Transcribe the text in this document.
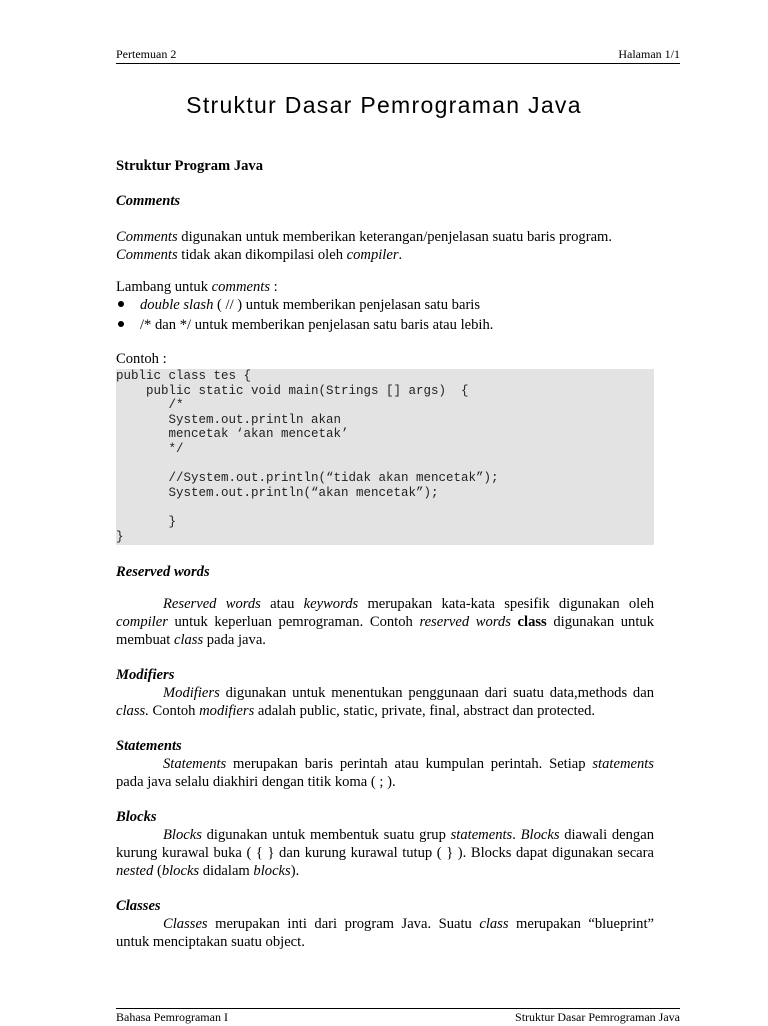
Pertemuan 2	Halaman 1/1
Struktur Dasar Pemrograman Java
Struktur Program Java
Comments
Comments digunakan untuk memberikan keterangan/penjelasan suatu baris program.
Comments tidak akan dikompilasi oleh compiler.
Lambang untuk comments :
double slash ( // ) untuk memberikan penjelasan satu baris
/* dan */ untuk memberikan penjelasan satu baris atau lebih.
Contoh :
public class tes {
public static void main(Strings [] args)  {
/*
System.out.println akan
mencetak ‘akan mencetak’
*/

//System.out.println(“tidak akan mencetak”);
System.out.println(“akan mencetak”);

}
}
Reserved words
Reserved words atau keywords merupakan kata-kata spesifik digunakan oleh compiler untuk keperluan pemrograman. Contoh reserved words class digunakan untuk membuat class pada java.
Modifiers
Modifiers digunakan untuk menentukan penggunaan dari suatu data,methods dan class. Contoh modifiers adalah public, static, private, final, abstract dan protected.
Statements
Statements merupakan baris perintah atau kumpulan perintah. Setiap statements pada java selalu diakhiri dengan titik koma ( ; ).
Blocks
Blocks digunakan untuk membentuk suatu grup statements. Blocks diawali dengan kurung kurawal buka ( { } dan kurung kurawal tutup ( } ). Blocks dapat digunakan secara nested (blocks didalam blocks).
Classes
Classes merupakan inti dari program Java. Suatu class merupakan “blueprint” untuk menciptakan suatu object.
Bahasa Pemrograman I	Struktur Dasar Pemrograman Java
